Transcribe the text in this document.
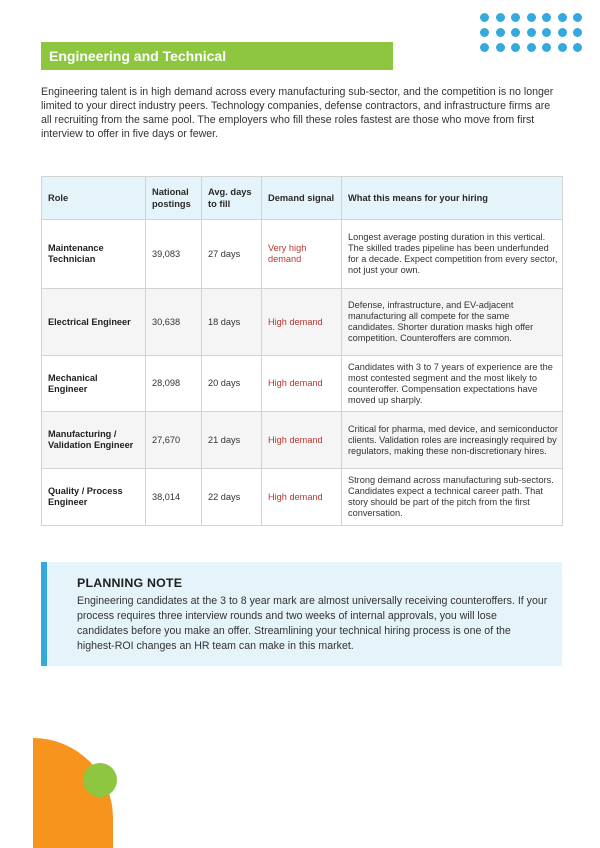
Engineering and Technical

Engineering talent is in high demand across every manufacturing sub-sector, and the competition is no longer limited to your direct industry peers. Technology companies, defense contractors, and infrastructure firms are all recruiting from the same pool. The employers who fill these roles fastest are those who move from first interview to offer in five days or fewer.

Role	National postings	Avg. days to fill	Demand signal	What this means for your hiring
Maintenance Technician	39,083	27 days	Very high demand	Longest average posting duration in this vertical. The skilled trades pipeline has been underfunded for a decade. Expect competition from every sector, not just your own.
Electrical Engineer	30,638	18 days	High demand	Defense, infrastructure, and EV-adjacent manufacturing all compete for the same candidates. Shorter duration masks high offer competition. Counteroffers are common.
Mechanical Engineer	28,098	20 days	High demand	Candidates with 3 to 7 years of experience are the most contested segment and the most likely to counteroffer. Compensation expectations have moved up sharply.
Manufacturing / Validation Engineer	27,670	21 days	High demand	Critical for pharma, med device, and semiconductor clients. Validation roles are increasingly required by regulators, making these non-discretionary hires.
Quality / Process Engineer	38,014	22 days	High demand	Strong demand across manufacturing sub-sectors. Candidates expect a technical career path. That story should be part of the pitch from the first conversation.
PLANNING NOTE

Engineering candidates at the 3 to 8 year mark are almost universally receiving counteroffers. If your process requires three interview rounds and two weeks of internal approvals, you will lose candidates before you make an offer. Streamlining your technical hiring process is one of the highest-ROI changes an HR team can make in this market.
